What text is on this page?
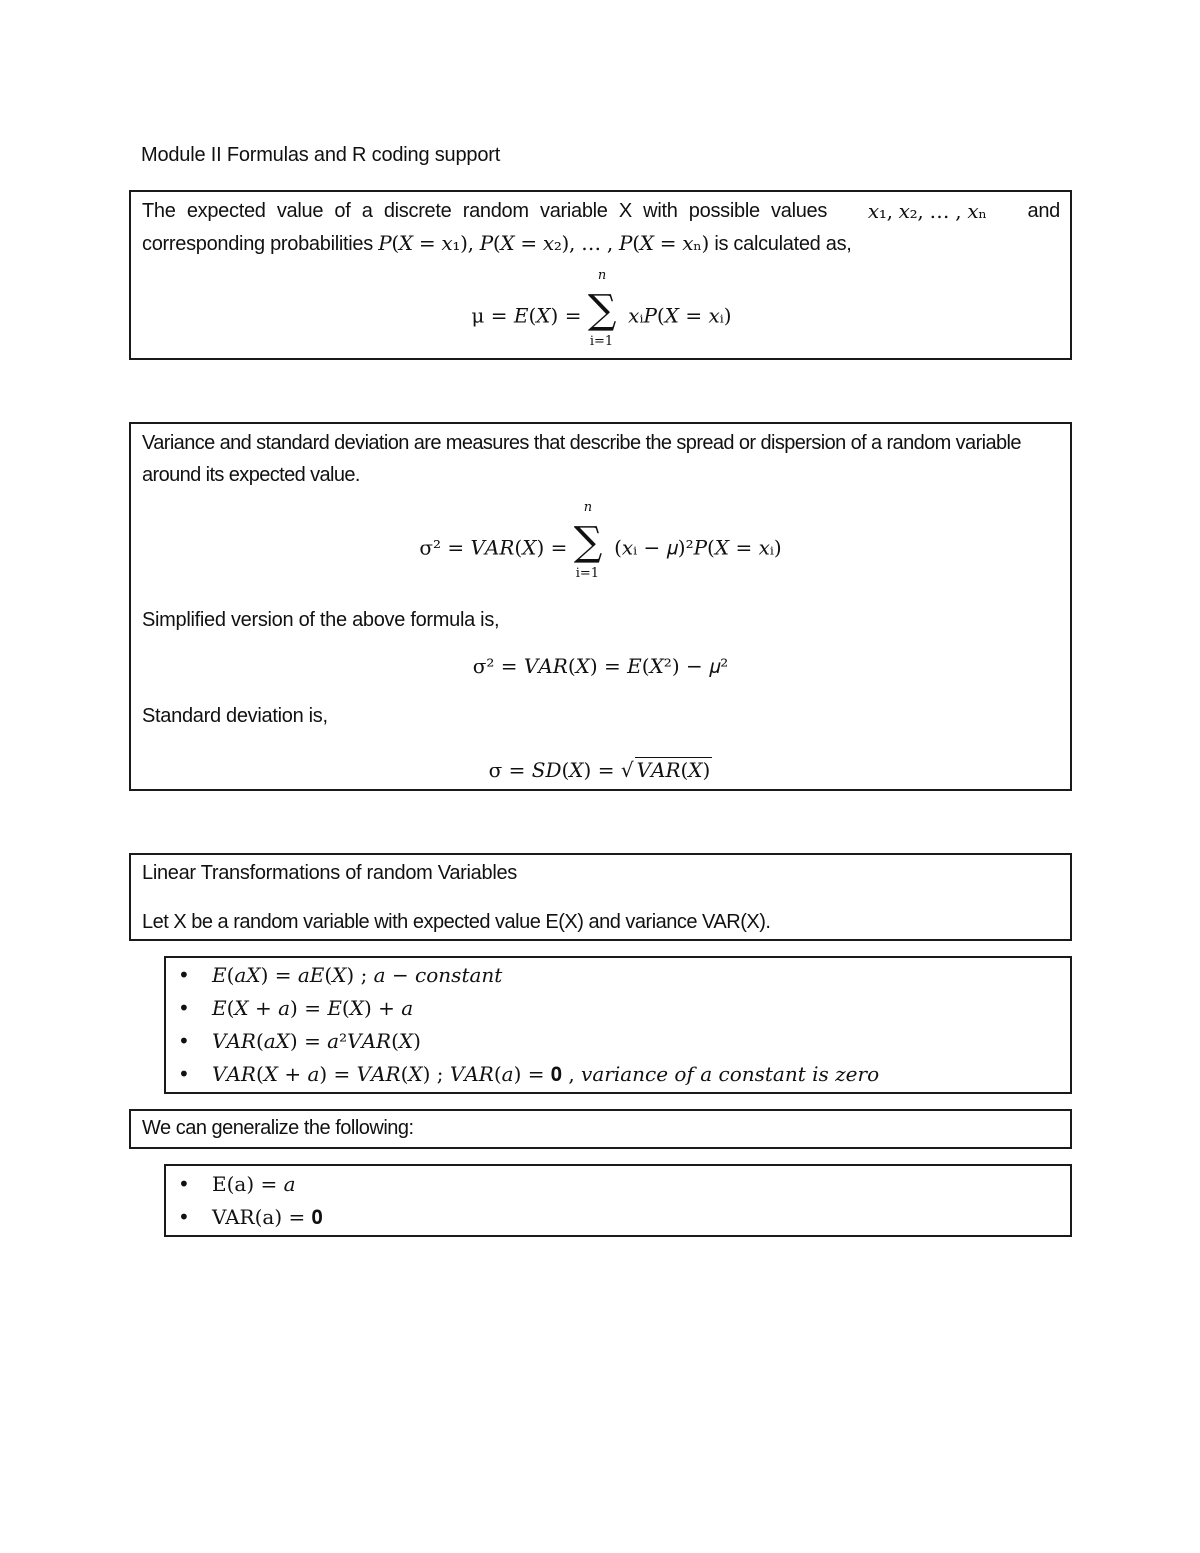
Module II Formulas and R coding support
The expected value of a discrete random variable X with possible values 𝑥₁, 𝑥₂, … , 𝑥ₙ and
corresponding probabilities 𝑃(𝑋 = 𝑥₁), 𝑃(𝑋 = 𝑥₂), … , 𝑃(𝑋 = 𝑥ₙ) is calculated as,
μ = 𝐸(𝑋) = ∑
n
i=1
𝑥ᵢ𝑃(𝑋 = 𝑥ᵢ)
Variance and standard deviation are measures that describe the spread or dispersion of a random variable around its expected value.
σ² = 𝑉𝐴𝑅(𝑋) = ∑
n
i=1
(𝑥ᵢ − 𝜇)²𝑃(𝑋 = 𝑥ᵢ)
Simplified version of the above formula is,
σ² = 𝑉𝐴𝑅(𝑋) = 𝐸(𝑋²) − 𝜇²
Standard deviation is,
σ = 𝑆𝐷(𝑋) = √ 𝑉𝐴𝑅(𝑋)
Linear Transformations of random Variables
Let X be a random variable with expected value E(X) and variance VAR(X).
• 𝐸(𝑎𝑋) = 𝑎𝐸(𝑋) ; 𝑎 − 𝑐𝑜𝑛𝑠𝑡𝑎𝑛𝑡
• 𝐸(𝑋 + 𝑎) = 𝐸(𝑋) + 𝑎
• 𝑉𝐴𝑅(𝑎𝑋) = 𝑎²𝑉𝐴𝑅(𝑋)
• 𝑉𝐴𝑅(𝑋 + 𝑎) = 𝑉𝐴𝑅(𝑋) ; 𝑉𝐴𝑅(𝑎) = 𝟎 , 𝑣𝑎𝑟𝑖𝑎𝑛𝑐𝑒 𝑜𝑓 𝑎 𝑐𝑜𝑛𝑠𝑡𝑎𝑛𝑡 𝑖𝑠 𝑧𝑒𝑟𝑜
We can generalize the following:
• E(a) = 𝑎
• VAR(a) = 𝟎
